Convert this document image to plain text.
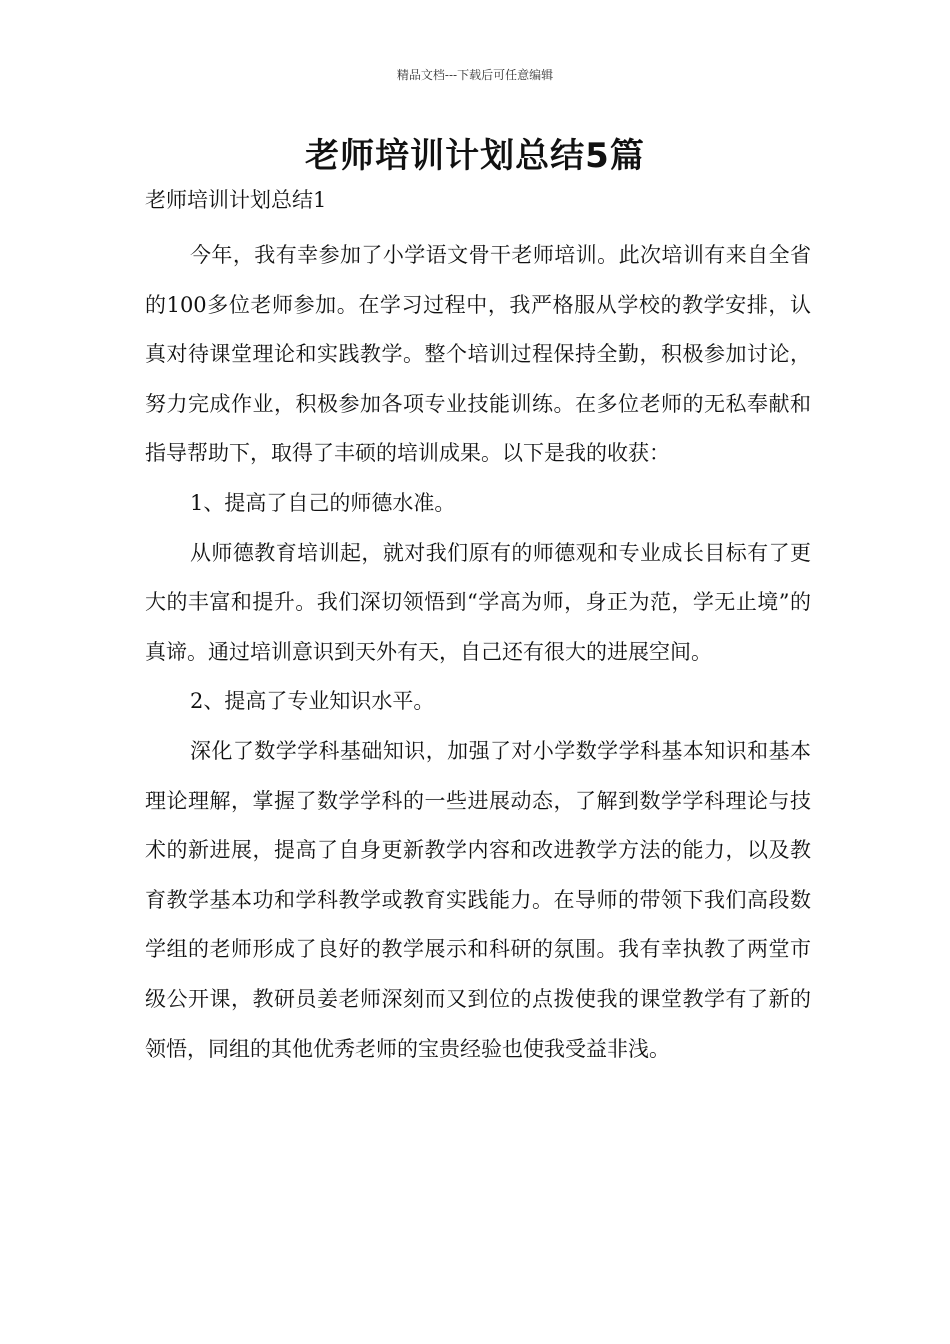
精品文档---下载后可任意编辑
老师培训计划总结5篇

老师培训计划总结1

今年，我有幸参加了小学语文骨干老师培训。此次培训有来自全省的100多位老师参加。在学习过程中，我严格服从学校的教学安排，认真对待课堂理论和实践教学。整个培训过程保持全勤，积极参加讨论，努力完成作业，积极参加各项专业技能训练。在多位老师的无私奉献和指导帮助下，取得了丰硕的培训成果。以下是我的收获：

1、提高了自己的师德水准。

从师德教育培训起，就对我们原有的师德观和专业成长目标有了更大的丰富和提升。我们深切领悟到“学高为师，身正为范，学无止境”的真谛。通过培训意识到天外有天，自己还有很大的进展空间。

2、提高了专业知识水平。

深化了数学学科基础知识，加强了对小学数学学科基本知识和基本理论理解，掌握了数学学科的一些进展动态，了解到数学学科理论与技术的新进展，提高了自身更新教学内容和改进教学方法的能力，以及教育教学基本功和学科教学或教育实践能力。在导师的带领下我们高段数学组的老师形成了良好的教学展示和科研的氛围。我有幸执教了两堂市级公开课，教研员姜老师深刻而又到位的点拨使我的课堂教学有了新的领悟，同组的其他优秀老师的宝贵经验也使我受益非浅。
